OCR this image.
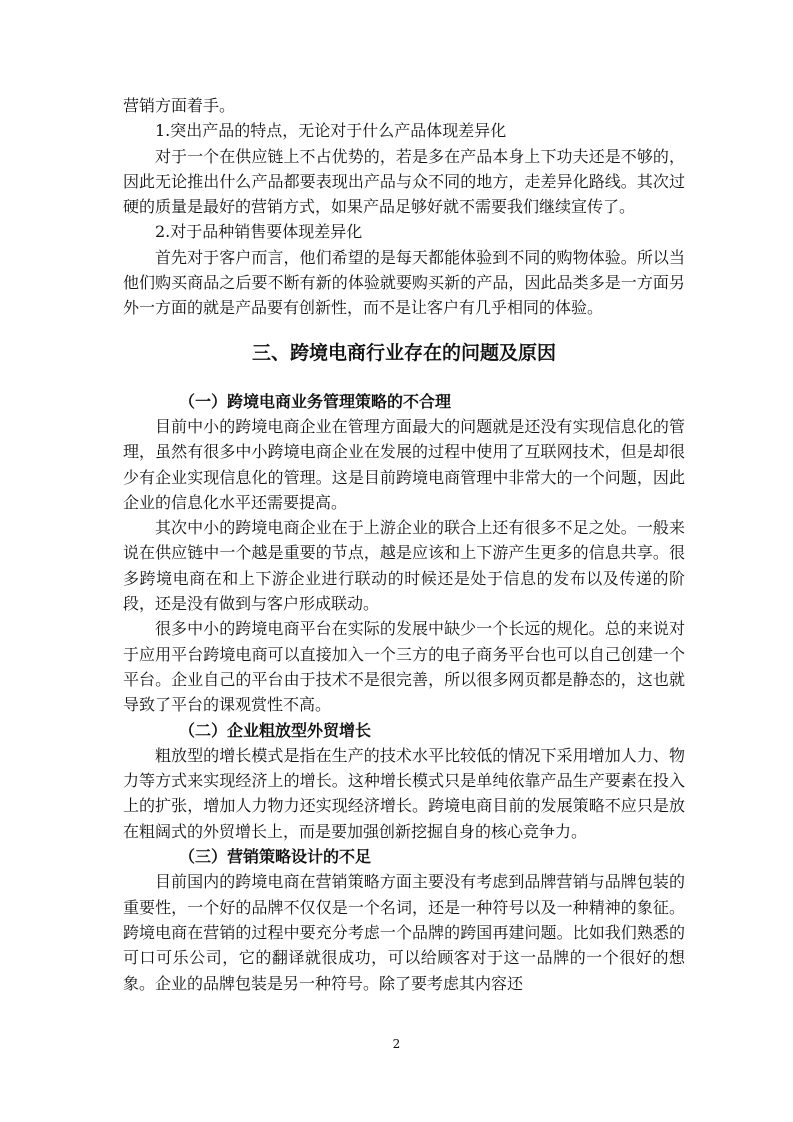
营销方面着手。

1.突出产品的特点，无论对于什么产品体现差异化

对于一个在供应链上不占优势的，若是多在产品本身上下功夫还是不够的，因此无论推出什么产品都要表现出产品与众不同的地方，走差异化路线。其次过硬的质量是最好的营销方式，如果产品足够好就不需要我们继续宣传了。

2.对于品种销售要体现差异化

首先对于客户而言，他们希望的是每天都能体验到不同的购物体验。所以当他们购买商品之后要不断有新的体验就要购买新的产品，因此品类多是一方面另外一方面的就是产品要有创新性，而不是让客户有几乎相同的体验。

三、跨境电商行业存在的问题及原因

（一）跨境电商业务管理策略的不合理

目前中小的跨境电商企业在管理方面最大的问题就是还没有实现信息化的管理，虽然有很多中小跨境电商企业在发展的过程中使用了互联网技术，但是却很少有企业实现信息化的管理。这是目前跨境电商管理中非常大的一个问题，因此企业的信息化水平还需要提高。

其次中小的跨境电商企业在于上游企业的联合上还有很多不足之处。一般来说在供应链中一个越是重要的节点，越是应该和上下游产生更多的信息共享。很多跨境电商在和上下游企业进行联动的时候还是处于信息的发布以及传递的阶段，还是没有做到与客户形成联动。

很多中小的跨境电商平台在实际的发展中缺少一个长远的规化。总的来说对于应用平台跨境电商可以直接加入一个三方的电子商务平台也可以自己创建一个平台。企业自己的平台由于技术不是很完善，所以很多网页都是静态的，这也就导致了平台的课观赏性不高。

（二）企业粗放型外贸增长

粗放型的增长模式是指在生产的技术水平比较低的情况下采用增加人力、物力等方式来实现经济上的增长。这种增长模式只是单纯依靠产品生产要素在投入上的扩张，增加人力物力还实现经济增长。跨境电商目前的发展策略不应只是放在粗阔式的外贸增长上，而是要加强创新挖掘自身的核心竞争力。

（三）营销策略设计的不足

目前国内的跨境电商在营销策略方面主要没有考虑到品牌营销与品牌包装的重要性，一个好的品牌不仅仅是一个名词，还是一种符号以及一种精神的象征。跨境电商在营销的过程中要充分考虑一个品牌的跨国再建问题。比如我们熟悉的可口可乐公司，它的翻译就很成功，可以给顾客对于这一品牌的一个很好的想象。企业的品牌包装是另一种符号。除了要考虑其内容还

2
